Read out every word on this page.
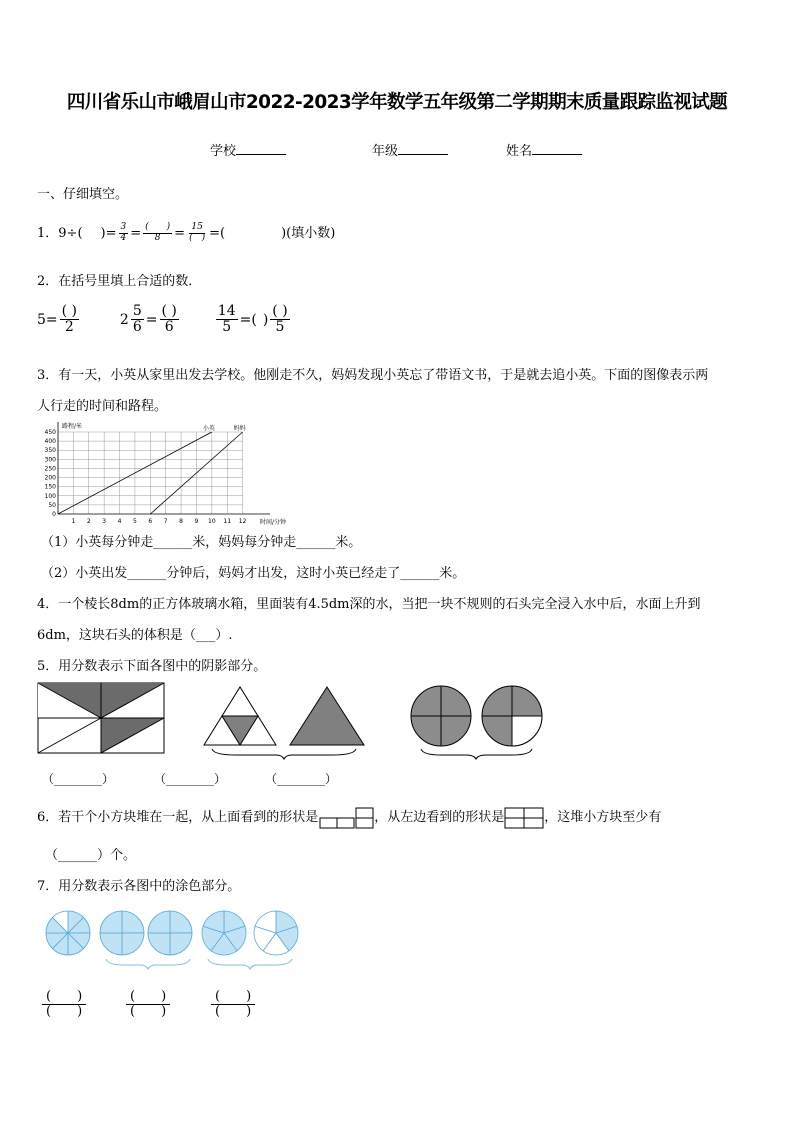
四川省乐山市峨眉山市2022-2023学年数学五年级第二学期期末质量跟踪监视试题
学校	年级	姓名
一、仔细填空。
1．9÷( )= $\frac{3}{4} = \frac{( )}{8} = \frac{15}{( )}$ =(	)(填小数)
2．在括号里填上合适的数．
$5= \frac{( )}{2}$	$2 \frac{5}{6} = \frac{( )}{6}$
	$\frac{14}{5}$ =( ) $\frac{( )}{5}$
3．有一天，小英从家里出发去学校。他刚走不久，妈妈发现小英忘了带语文书，于是就去追小英。下面的图像表示两
人行走的时间和路程。
1 2 3 4 5 6 7 8 9 10 11 12
50
100
150
200
250
300
350
400
450
0
路程/米
时间/分钟
小英	妈妈
（1）小英每分钟走______米，妈妈每分钟走______米。
（2）小英出发______分钟后，妈妈才出发，这时小英已经走了______米。
4．一个棱长8dm的正方体玻璃水箱，里面装有4.5dm深的水，当把一块不规则的石头完全浸入水中后，水面上升到
6dm，这块石头的体积是（___）.
5．用分数表示下面各图中的阴影部分。
（________）	（________）	（________）
6．若干个小方块堆在一起，从上面看到的形状是	，从左边看到的形状是	，这堆小方块至少有
（______）个。
7．用分数表示各图中的涂色部分。
$\frac{( )}{( )}$	$\frac{( )}{( )}$	$\frac{( )}{( )}$
